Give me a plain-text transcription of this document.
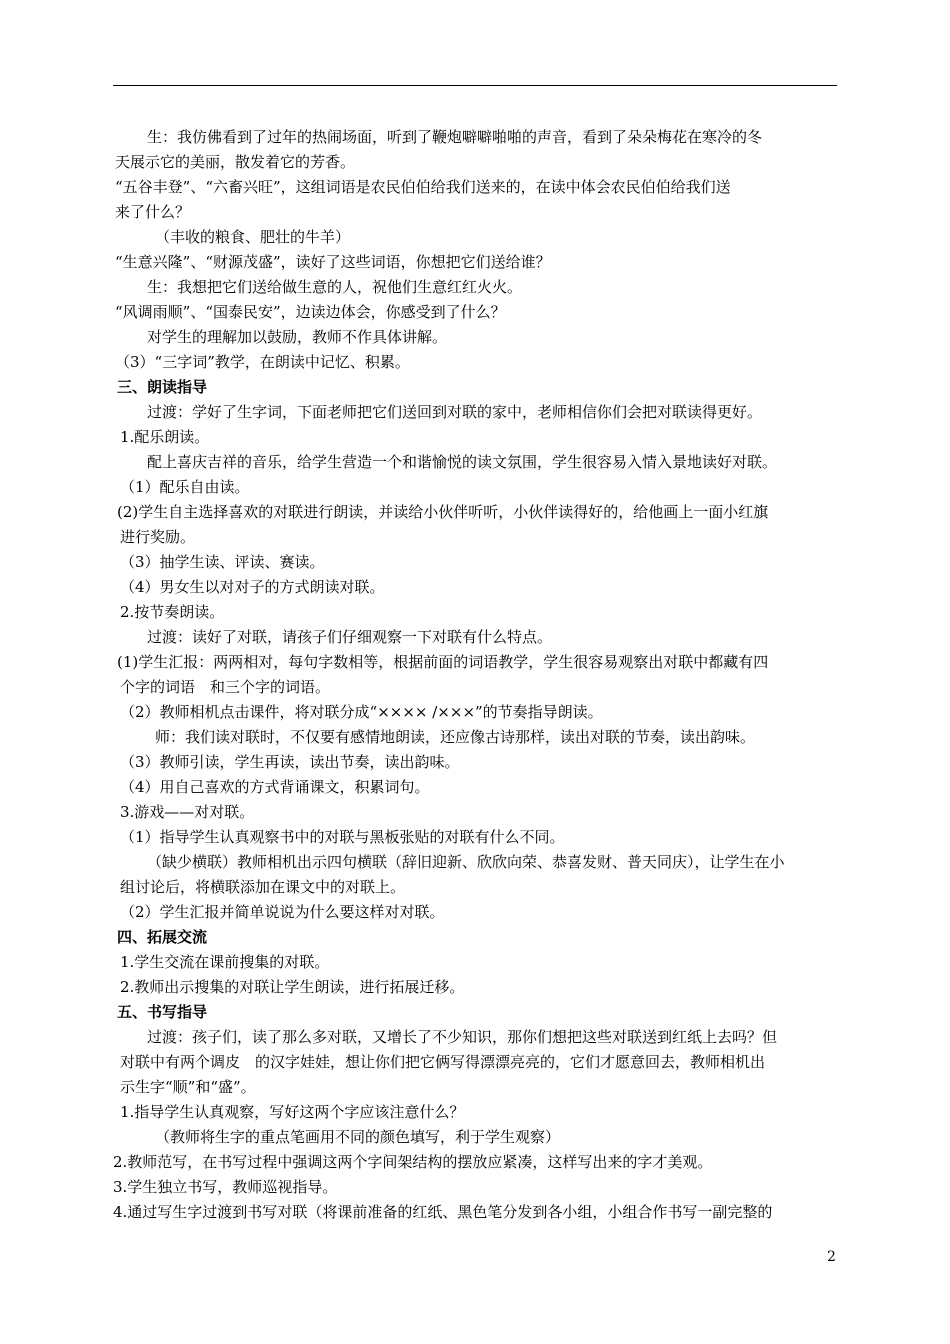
生：我仿佛看到了过年的热闹场面，听到了鞭炮噼噼啪啪的声音，看到了朵朵梅花在寒冷的冬
天展示它的美丽，散发着它的芳香。
“五谷丰登”、“六畜兴旺”，这组词语是农民伯伯给我们送来的，在读中体会农民伯伯给我们送
来了什么？
（丰收的粮食、肥壮的牛羊）
“生意兴隆”、“财源茂盛”，读好了这些词语，你想把它们送给谁？
生：我想把它们送给做生意的人，祝他们生意红红火火。
“风调雨顺”、“国泰民安”，边读边体会，你感受到了什么？
对学生的理解加以鼓励，教师不作具体讲解。
（3）“三字词”教学，在朗读中记忆、积累。
三、朗读指导
过渡：学好了生字词，下面老师把它们送回到对联的家中，老师相信你们会把对联读得更好。
1.配乐朗读。
配上喜庆吉祥的音乐，给学生营造一个和谐愉悦的读文氛围，学生很容易入情入景地读好对联。
（1）配乐自由读。
(2)学生自主选择喜欢的对联进行朗读，并读给小伙伴听听，小伙伴读得好的，给他画上一面小红旗
进行奖励。
（3）抽学生读、评读、赛读。
（4）男女生以对对子的方式朗读对联。
2.按节奏朗读。
过渡：读好了对联，请孩子们仔细观察一下对联有什么特点。
(1)学生汇报：两两相对，每句字数相等，根据前面的词语教学，学生很容易观察出对联中都藏有四
个字的词语　和三个字的词语。
（2）教师相机点击课件，将对联分成“×××× /×××”的节奏指导朗读。
师：我们读对联时，不仅要有感情地朗读，还应像古诗那样，读出对联的节奏，读出韵味。
（3）教师引读，学生再读，读出节奏，读出韵味。
（4）用自己喜欢的方式背诵课文，积累词句。
3.游戏——对对联。
（1）指导学生认真观察书中的对联与黑板张贴的对联有什么不同。
（缺少横联）教师相机出示四句横联（辞旧迎新、欣欣向荣、恭喜发财、普天同庆），让学生在小
组讨论后，将横联添加在课文中的对联上。
（2）学生汇报并简单说说为什么要这样对对联。
四、拓展交流
1.学生交流在课前搜集的对联。
2.教师出示搜集的对联让学生朗读，进行拓展迁移。
五、书写指导
过渡：孩子们，读了那么多对联，又增长了不少知识，那你们想把这些对联送到红纸上去吗？但
对联中有两个调皮　的汉字娃娃，想让你们把它俩写得漂漂亮亮的，它们才愿意回去，教师相机出
示生字“顺”和“盛”。
1.指导学生认真观察，写好这两个字应该注意什么？
（教师将生字的重点笔画用不同的颜色填写，利于学生观察）
2.教师范写，在书写过程中强调这两个字间架结构的摆放应紧凑，这样写出来的字才美观。
3.学生独立书写，教师巡视指导。
4.通过写生字过渡到书写对联（将课前准备的红纸、黑色笔分发到各小组，小组合作书写一副完整的
2
